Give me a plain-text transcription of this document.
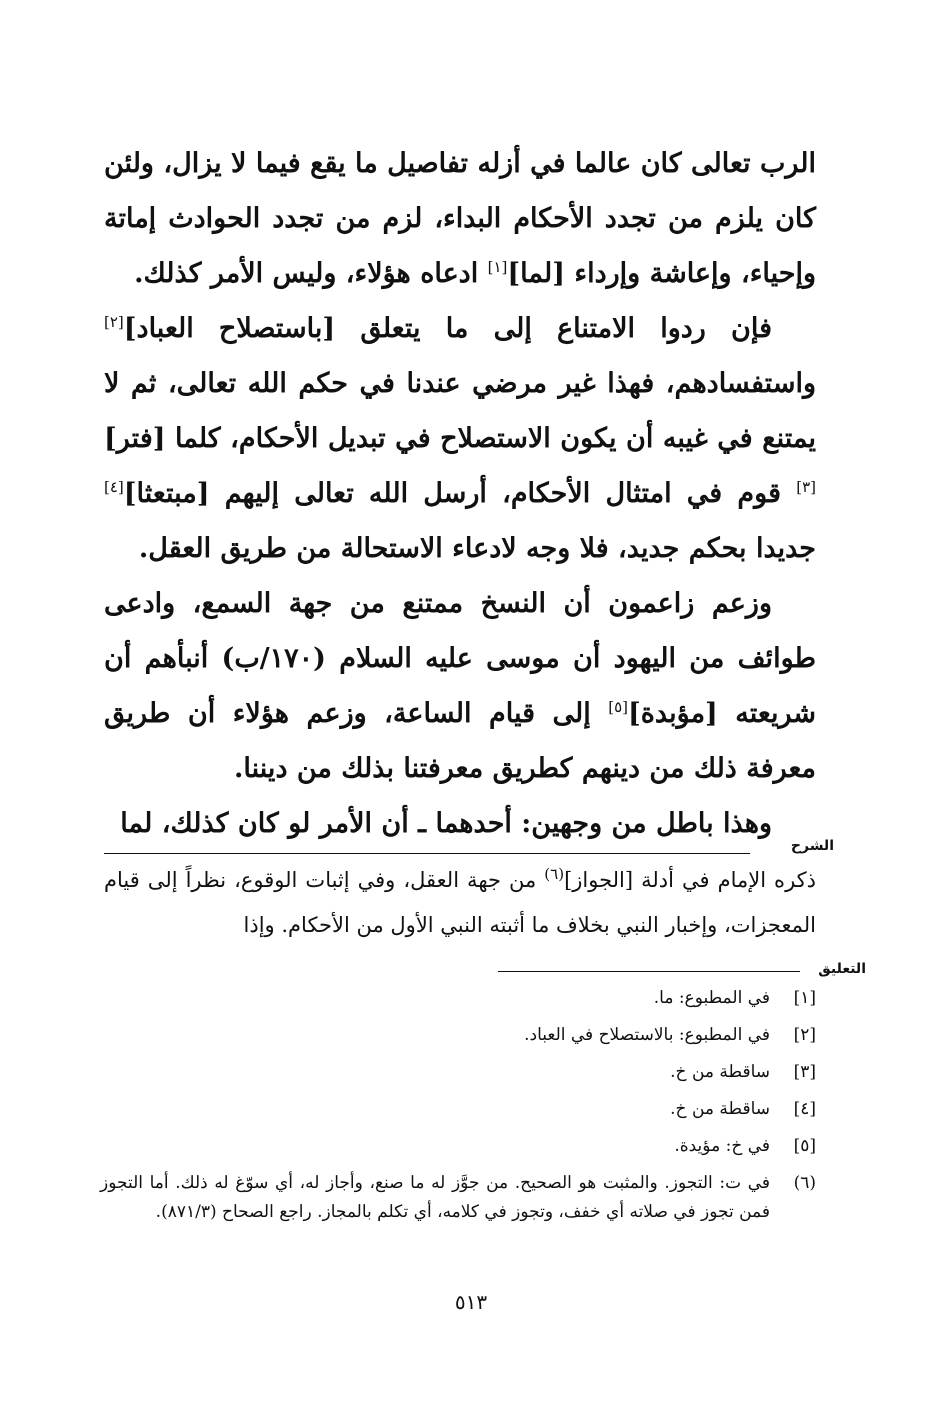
الرب تعالى كان عالما في أزله تفاصيل ما يقع فيما لا يزال، ولئن كان يلزم من تجدد الأحكام البداء، لزم من تجدد الحوادث إماتة وإحياء، وإعاشة وإرداء [لما][١] ادعاه هؤلاء، وليس الأمر كذلك.

فإن ردوا الامتناع إلى ما يتعلق [باستصلاح العباد][٢] واستفسادهم، فهذا غير مرضي عندنا في حكم الله تعالى، ثم لا يمتنع في غيبه أن يكون الاستصلاح في تبديل الأحكام، كلما [فتر][٣] قوم في امتثال الأحكام، أرسل الله تعالى إليهم [مبتعثا][٤] جديدا بحكم جديد، فلا وجه لادعاء الاستحالة من طريق العقل.

وزعم زاعمون أن النسخ ممتنع من جهة السمع، وادعى طوائف من اليهود أن موسى عليه السلام (١٧٠/ب) أنبأهم أن شريعته [مؤبدة][٥] إلى قيام الساعة، وزعم هؤلاء أن طريق معرفة ذلك من دينهم كطريق معرفتنا بذلك من ديننا.

وهذا باطل من وجهين: أحدهما ـ أن الأمر لو كان كذلك، لما

الشرح

ذكره الإمام في أدلة [الجواز]$^{(٦)}$ من جهة العقل، وفي إثبات الوقوع، نظراً إلى قيام المعجزات، وإخبار النبي بخلاف ما أثبته النبي الأول من الأحكام. وإذا

التعليق
[١]
في المطبوع: ما.
[٢]
في المطبوع: بالاستصلاح في العباد.
[٣]
ساقطة من خ.
[٤]
ساقطة من خ.
[٥]
في خ: مؤيدة.
(٦)
في ت: التجوز. والمثبت هو الصحيح. من جوَّز له ما صنع، وأجاز له، أي سوّغ له ذلك. أما التجوز فمن تجوز في صلاته أي خفف، وتجوز في كلامه، أي تكلم بالمجاز. راجع الصحاح (٨٧١/٣).
٥١٣
